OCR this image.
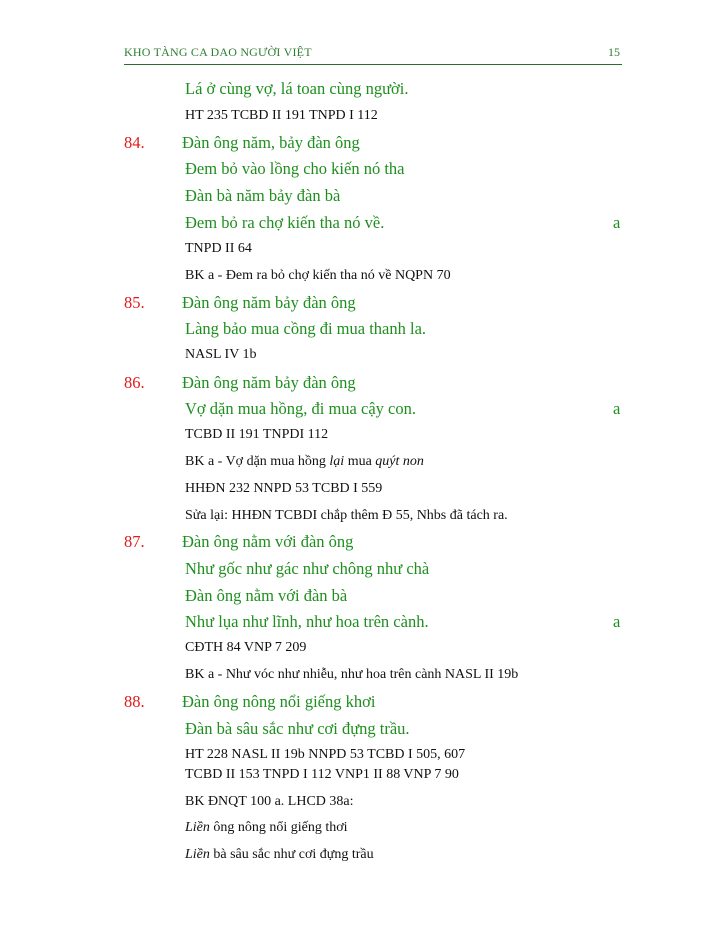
KHO TÀNG CA DAO NGƯỜI VIỆT	15
Lá ở cùng vợ, lá toan cùng người.
HT 235 TCBD II 191 TNPD I 112
84. Đàn ông năm, bảy đàn ông
Đem bỏ vào lồng cho kiến nó tha
Đàn bà năm bảy đàn bà
Đem bỏ ra chợ kiến tha nó về.	a
TNPD II 64
BK a - Đem ra bỏ chợ kiến tha nó về NQPN 70
85. Đàn ông năm bảy đàn ông
Làng bảo mua cồng đi mua thanh la.
NASL IV 1b
86. Đàn ông năm bảy đàn ông
Vợ dặn mua hồng, đi mua cậy con.	a
TCBD II 191 TNPDI 112
BK a - Vợ dặn mua hồng lại mua quýt non
HHĐN 232 NNPD 53 TCBD I 559
Sửa lại: HHĐN TCBDI chắp thêm Đ 55, Nhbs đã tách ra.
87. Đàn ông nằm với đàn ông
Như gốc như gác như chông như chà
Đàn ông nằm với đàn bà
Như lụa như lĩnh, như hoa trên cành.	a
CĐTH 84 VNP 7 209
BK a - Như vóc như nhiễu, như hoa trên cành NASL II 19b
88. Đàn ông nông nổi giếng khơi
Đàn bà sâu sắc như cơi đựng trầu.
HT 228 NASL II 19b NNPD 53 TCBD I 505, 607
TCBD II 153 TNPD I 112 VNP1 II 88 VNP 7 90
BK ĐNQT 100 a. LHCD 38a:
Liền ông nông nổi giếng thơi
Liền bà sâu sắc như cơi đựng trầu
